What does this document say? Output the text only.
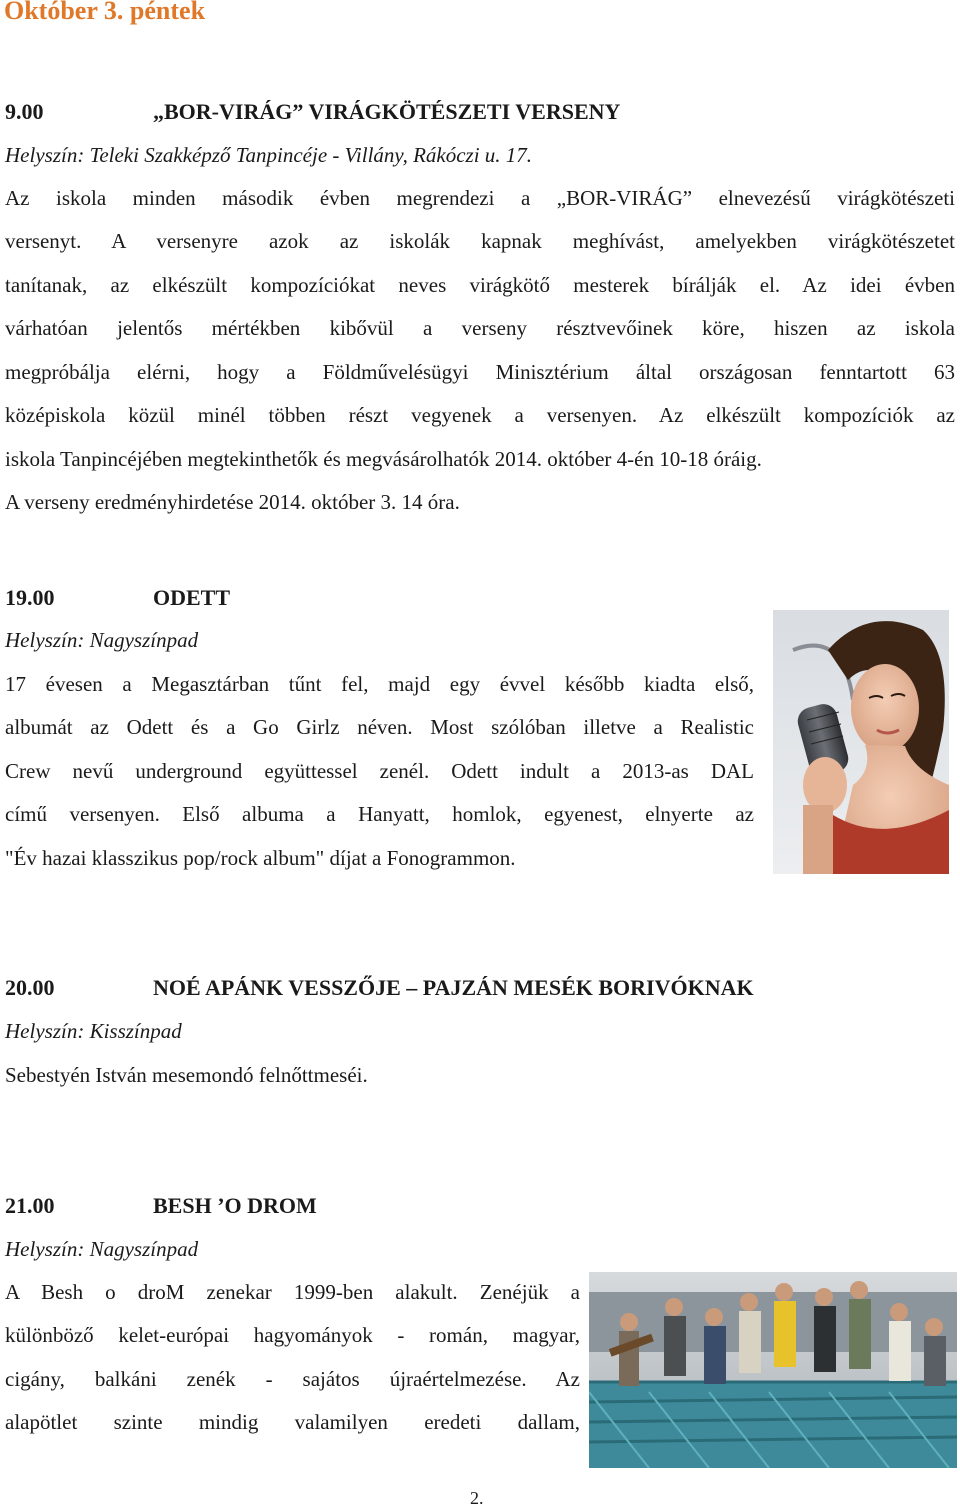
Október 3. péntek
9.00	„BOR-VIRÁG” VIRÁGKÖTÉSZETI VERSENY
Helyszín: Teleki Szakképző Tanpincéje - Villány, Rákóczi u. 17.
Az iskola minden második évben megrendezi a „BOR-VIRÁG” elnevezésű virágkötészeti
versenyt. A versenyre azok az iskolák kapnak meghívást, amelyekben virágkötészetet
tanítanak, az elkészült kompozíciókat neves virágkötő mesterek bírálják el. Az idei évben
várhatóan jelentős mértékben kibővül a verseny résztvevőinek köre, hiszen az iskola
megpróbálja elérni, hogy a Földművelésügyi Minisztérium által országosan fenntartott 63
középiskola közül minél többen részt vegyenek a versenyen. Az elkészült kompozíciók az
iskola Tanpincéjében megtekinthetők és megvásárolhatók 2014. október 4-én 10-18 óráig.
A verseny eredményhirdetése 2014. október 3. 14 óra.
19.00	ODETT
Helyszín: Nagyszínpad
17 évesen a Megasztárban tűnt fel, majd egy évvel később kiadta első,
albumát az Odett és a Go Girlz néven. Most szólóban illetve a Realistic
Crew nevű underground együttessel zenél. Odett indult a 2013-as DAL
című versenyen. Első albuma a Hanyatt, homlok, egyenest, elnyerte az
"Év hazai klasszikus pop/rock album" díjat a Fonogrammon.
20.00	NOÉ APÁNK VESSZŐJE – PAJZÁN MESÉK BORIVÓKNAK
Helyszín: Kisszínpad
Sebestyén István mesemondó felnőttmeséi.
21.00	BESH ’O DROM
Helyszín: Nagyszínpad
A Besh o droM zenekar 1999-ben alakult. Zenéjük a
különböző kelet-európai hagyományok - román, magyar,
cigány, balkáni zenék - sajátos újraértelmezése. Az
alapötlet szinte mindig valamilyen eredeti dallam,
2.
